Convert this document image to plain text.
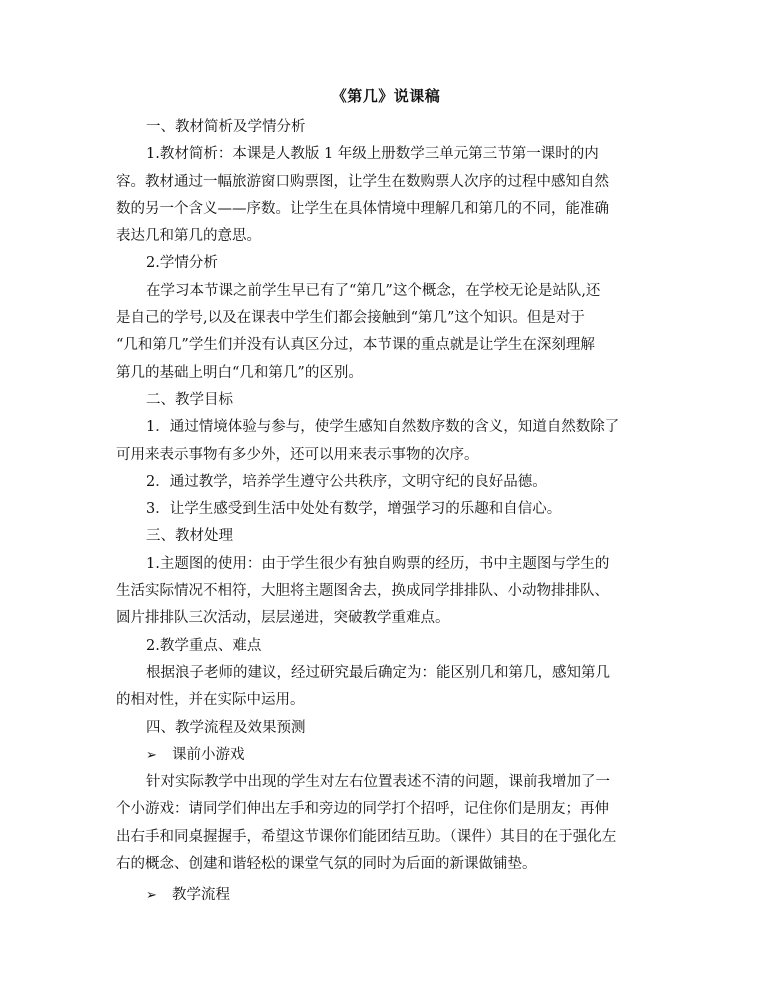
《第几》说课稿

一、教材简析及学情分析

1.教材简析：本课是人教版 1 年级上册数学三单元第三节第一课时的内

容。教材通过一幅旅游窗口购票图，让学生在数购票人次序的过程中感知自然

数的另一个含义——序数。让学生在具体情境中理解几和第几的不同，能准确

表达几和第几的意思。

2.学情分析

在学习本节课之前学生早已有了“第几”这个概念，在学校无论是站队,还

是自己的学号,以及在课表中学生们都会接触到“第几”这个知识。但是对于

“几和第几”学生们并没有认真区分过，本节课的重点就是让学生在深刻理解

第几的基础上明白“几和第几”的区别。

二、教学目标

1．通过情境体验与参与，使学生感知自然数序数的含义，知道自然数除了

可用来表示事物有多少外，还可以用来表示事物的次序。

2．通过教学，培养学生遵守公共秩序，文明守纪的良好品德。

3．让学生感受到生活中处处有数学，增强学习的乐趣和自信心。

三、教材处理

1.主题图的使用：由于学生很少有独自购票的经历，书中主题图与学生的

生活实际情况不相符，大胆将主题图舍去，换成同学排排队、小动物排排队、

圆片排排队三次活动，层层递进，突破教学重难点。

2.教学重点、难点

根据浪子老师的建议，经过研究最后确定为：能区别几和第几，感知第几

的相对性，并在实际中运用。

四、教学流程及效果预测

➢	课前小游戏

针对实际教学中出现的学生对左右位置表述不清的问题，课前我增加了一

个小游戏：请同学们伸出左手和旁边的同学打个招呼，记住你们是朋友；再伸

出右手和同桌握握手，希望这节课你们能团结互助。（课件）其目的在于强化左

右的概念、创建和谐轻松的课堂气氛的同时为后面的新课做铺垫。

➢	教学流程
